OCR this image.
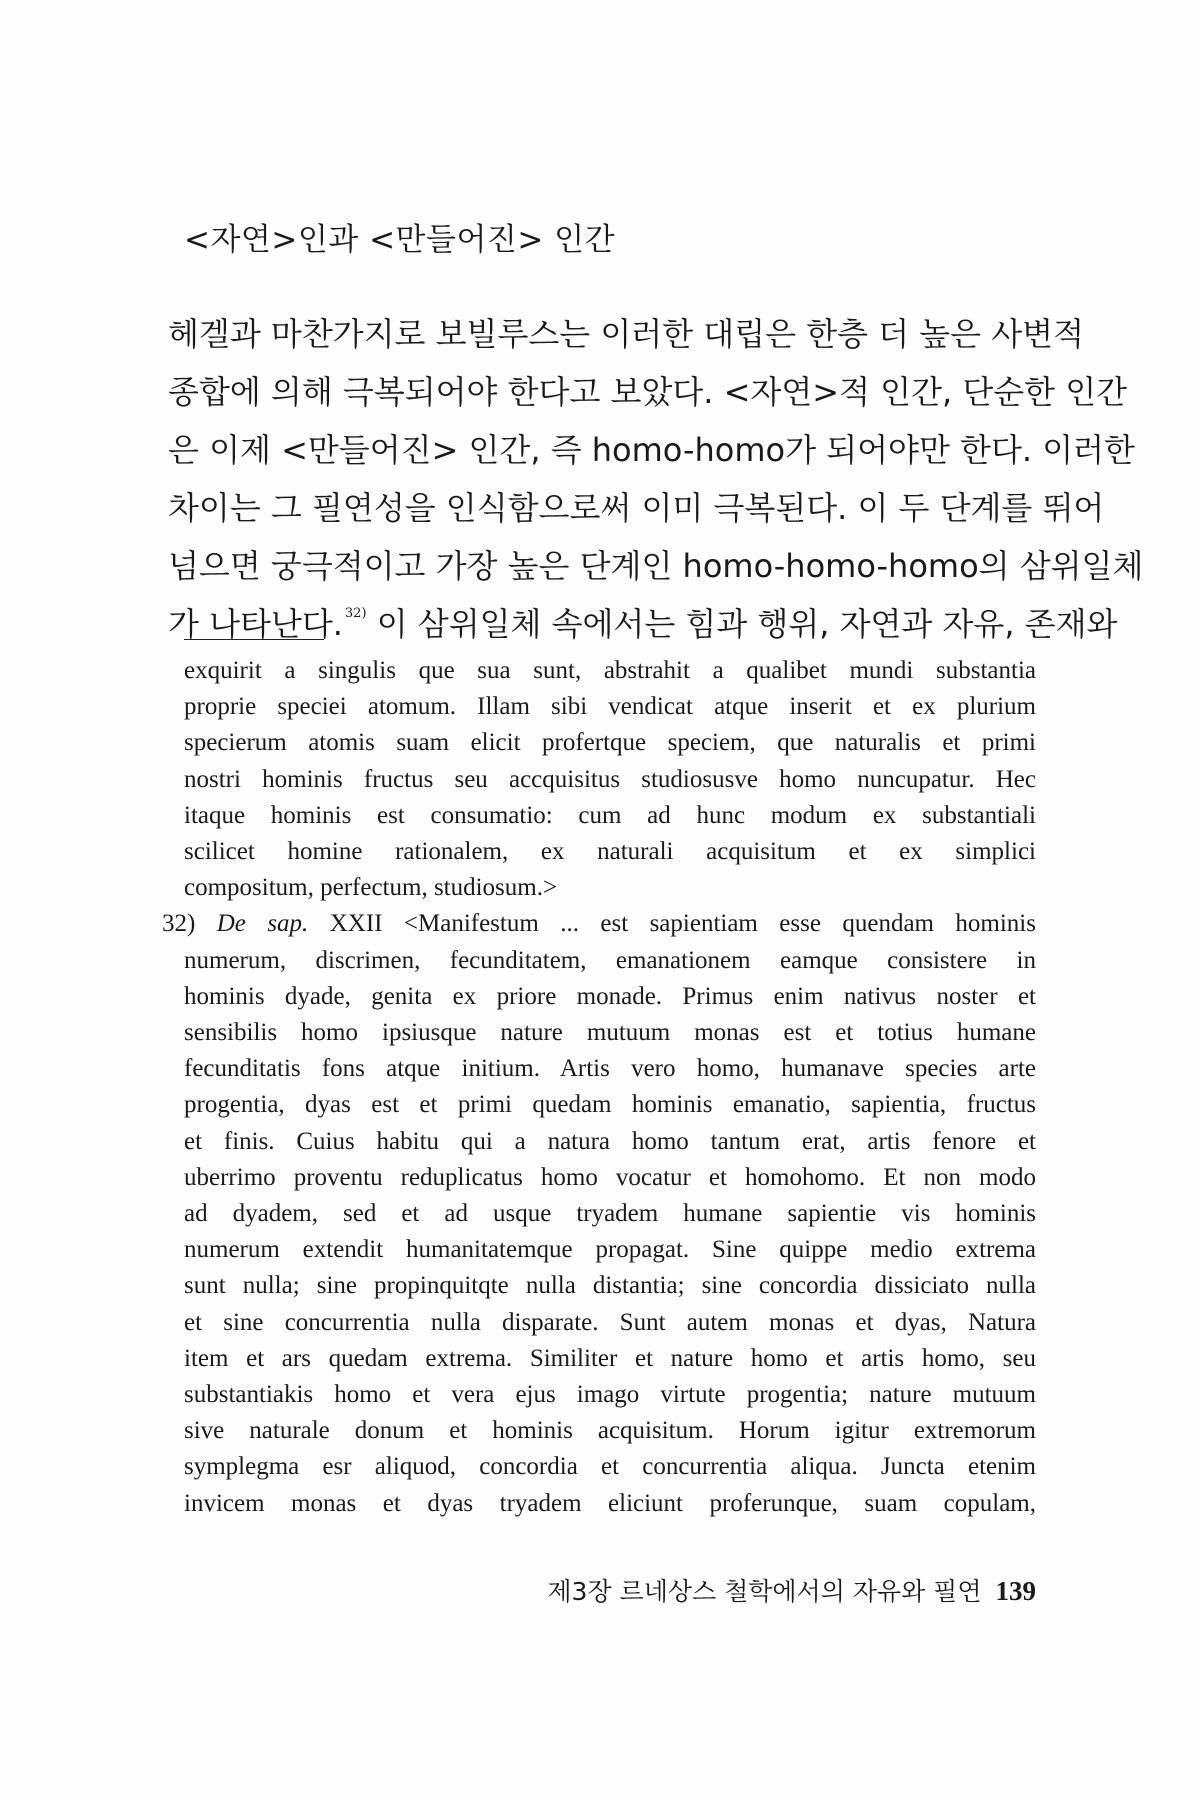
<자연>인과 <만들어진> 인간
헤겔과 마찬가지로 보빌루스는 이러한 대립은 한층 더 높은 사변적
종합에 의해 극복되어야 한다고 보았다. <자연>적 인간, 단순한 인간
은 이제 <만들어진> 인간, 즉 homo-homo가 되어야만 한다. 이러한
차이는 그 필연성을 인식함으로써 이미 극복된다. 이 두 단계를 뛰어
넘으면 궁극적이고 가장 높은 단계인 homo-homo-homo의 삼위일체
가 나타난다. $^{32)}$ 이 삼위일체 속에서는 힘과 행위, 자연과 자유, 존재와
exquirit a singulis que sua sunt, abstrahit a qualibet mundi substantia
proprie speciei atomum. Illam sibi vendicat atque inserit et ex plurium
specierum atomis suam elicit profertque speciem, que naturalis et primi
nostri hominis fructus seu accquisitus studiosusve homo nuncupatur. Hec
itaque hominis est consumatio: cum ad hunc modum ex substantiali
scilicet homine rationalem, ex naturali acquisitum et ex simplici
compositum, perfectum, studiosum.>
32) De sap. XXII <Manifestum ... est sapientiam esse quendam hominis
numerum, discrimen, fecunditatem, emanationem eamque consistere in
hominis dyade, genita ex priore monade. Primus enim nativus noster et
sensibilis homo ipsiusque nature mutuum monas est et totius humane
fecunditatis fons atque initium. Artis vero homo, humanave species arte
progentia, dyas est et primi quedam hominis emanatio, sapientia, fructus
et finis. Cuius habitu qui a natura homo tantum erat, artis fenore et
uberrimo proventu reduplicatus homo vocatur et homohomo. Et non modo
ad dyadem, sed et ad usque tryadem humane sapientie vis hominis
numerum extendit humanitatemque propagat. Sine quippe medio extrema
sunt nulla; sine propinquitqte nulla distantia; sine concordia dissiciato nulla
et sine concurrentia nulla disparate. Sunt autem monas et dyas, Natura
item et ars quedam extrema. Similiter et nature homo et artis homo, seu
substantiakis homo et vera ejus imago virtute progentia; nature mutuum
sive naturale donum et hominis acquisitum. Horum igitur extremorum
symplegma esr aliquod, concordia et concurrentia aliqua. Juncta etenim
invicem monas et dyas tryadem eliciunt proferunque, suam copulam,
제3장 르네상스 철학에서의 자유와 필연 139
